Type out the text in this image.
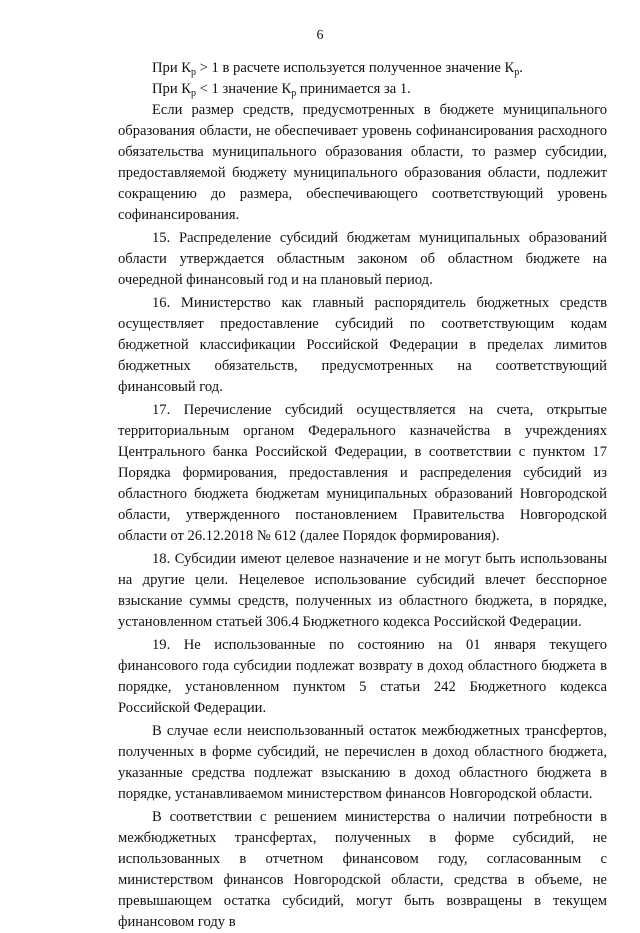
6

При $К_р > 1$ в расчете используется полученное значение $К_р$.

При $К_р < 1$ значение $К_р$ принимается за 1.

Если размер средств, предусмотренных в бюджете муниципального образования области, не обеспечивает уровень софинансирования расходного обязательства муниципального образования области, то размер субсидии, предоставляемой бюджету муниципального образования области, подлежит сокращению до размера, обеспечивающего соответствующий уровень софинансирования.

15. Распределение субсидий бюджетам муниципальных образований области утверждается областным законом об областном бюджете на очередной финансовый год и на плановый период.

16. Министерство как главный распорядитель бюджетных средств осуществляет предоставление субсидий по соответствующим кодам бюджетной классификации Российской Федерации в пределах лимитов бюджетных обязательств, предусмотренных на соответствующий финансовый год.

17. Перечисление субсидий осуществляется на счета, открытые территориальным органом Федерального казначейства в учреждениях Центрального банка Российской Федерации, в соответствии с пунктом 17 Порядка формирования, предоставления и распределения субсидий из областного бюджета бюджетам муниципальных образований Новгородской области, утвержденного постановлением Правительства Новгородской области от 26.12.2018 № 612 (далее Порядок формирования).

18. Субсидии имеют целевое назначение и не могут быть использованы на другие цели. Нецелевое использование субсидий влечет бесспорное взыскание суммы средств, полученных из областного бюджета, в порядке, установленном статьей 306.4 Бюджетного кодекса Российской Федерации.

19. Не использованные по состоянию на 01 января текущего финансового года субсидии подлежат возврату в доход областного бюджета в порядке, установленном пунктом 5 статьи 242 Бюджетного кодекса Российской Федерации.

В случае если неиспользованный остаток межбюджетных трансфертов, полученных в форме субсидий, не перечислен в доход областного бюджета, указанные средства подлежат взысканию в доход областного бюджета в порядке, устанавливаемом министерством финансов Новгородской области.

В соответствии с решением министерства о наличии потребности в межбюджетных трансфертах, полученных в форме субсидий, не использованных в отчетном финансовом году, согласованным с министерством финансов Новгородской области, средства в объеме, не превышающем остатка субсидий, могут быть возвращены в текущем финансовом году в
